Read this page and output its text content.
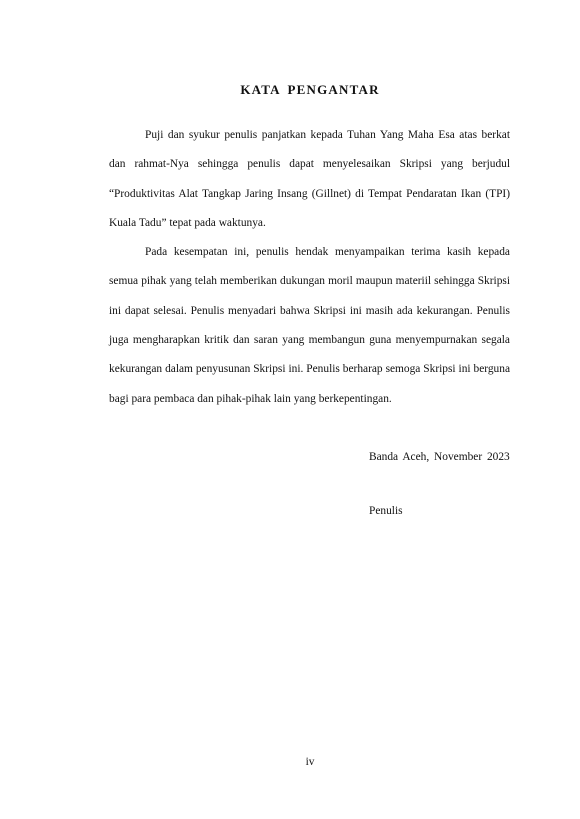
KATA PENGANTAR

Puji dan syukur penulis panjatkan kepada Tuhan Yang Maha Esa atas berkat dan rahmat-Nya sehingga penulis dapat menyelesaikan Skripsi yang berjudul “Produktivitas Alat Tangkap Jaring Insang (Gillnet) di Tempat Pendaratan Ikan (TPI) Kuala Tadu” tepat pada waktunya.

Pada kesempatan ini, penulis hendak menyampaikan terima kasih kepada semua pihak yang telah memberikan dukungan moril maupun materiil sehingga Skripsi ini dapat selesai. Penulis menyadari bahwa Skripsi ini masih ada kekurangan. Penulis juga mengharapkan kritik dan saran yang membangun guna menyempurnakan segala kekurangan dalam penyusunan Skripsi ini. Penulis berharap semoga Skripsi ini berguna bagi para pembaca dan pihak-pihak lain yang berkepentingan.

Banda Aceh, November 2023
Penulis
iv
